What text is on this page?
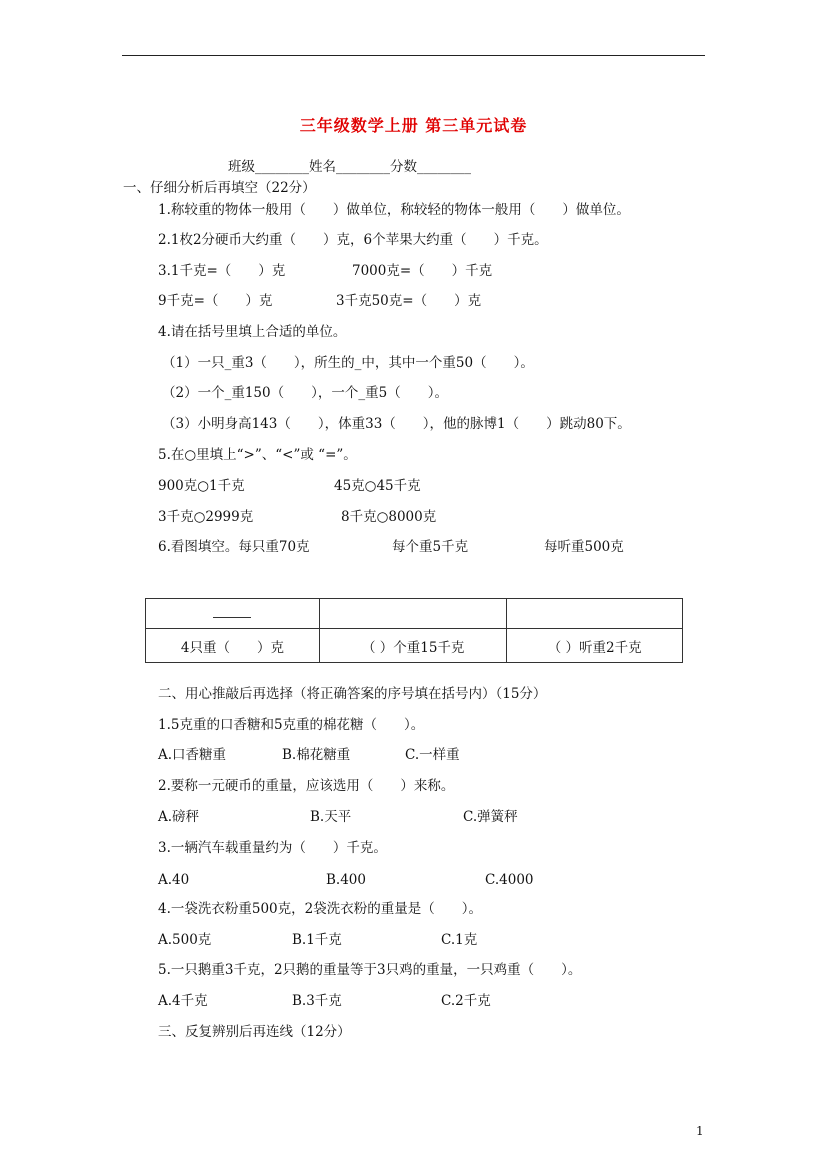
三年级数学上册 第三单元试卷
班级________姓名________分数________
一、仔细分析后再填空（22分）
1.称较重的物体一般用（　　）做单位，称较轻的物体一般用（　　）做单位。
2.1枚2分硬币大约重（　　）克，6个苹果大约重（　　）千克。
3.1千克=（　　）克	7000克=（　　）千克
9千克=（　　）克	3千克50克=（　　）克
4.请在括号里填上合适的单位。
（1）一只_重3（　　），所生的_中，其中一个重50（　　）。
（2）一个_重150（　　），一个_重5（　　）。
（3）小明身高143（　　），体重33（　　），他的脉博1（　　）跳动80下。
5.在○里填上“>”、“<”或 “=”。
900克○1千克	45克○45千克
3千克○2999克	8千克○8000克
6.看图填空。每只重70克	每个重5千克	每听重500克

4只重（　　）克	（ ）个重15千克	（ ）听重2千克
二、用心推敲后再选择（将正确答案的序号填在括号内）（15分）
1.5克重的口香糖和5克重的棉花糖（　　）。
A.口香糖重	B.棉花糖重	C.一样重
2.要称一元硬币的重量，应该选用（　　）来称。
A.磅秤	B.天平	C.弹簧秤
3.一辆汽车载重量约为（　　）千克。
A.40	B.400	C.4000
4.一袋洗衣粉重500克，2袋洗衣粉的重量是（　　）。
A.500克	B.1千克	C.1克
5.一只鹅重3千克，2只鹅的重量等于3只鸡的重量，一只鸡重（　　）。
A.4千克	B.3千克	C.2千克
三、反复辨别后再连线（12分）
1
